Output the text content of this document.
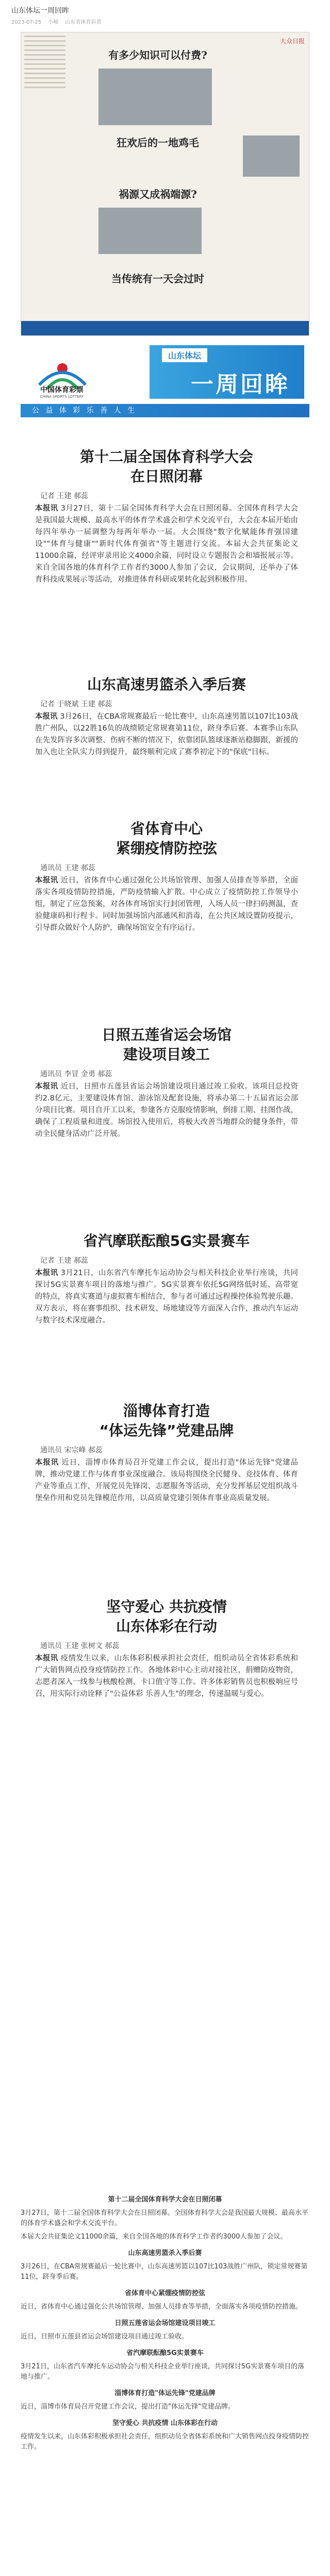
山东体坛一周回眸
2023-07-25 小秘 山东省体育彩票
大众日报
有多少知识可以付费?
狂欢后的一地鸡毛
祸源又成祸端源?
当传统有一天会过时
中国体育彩票
CHINA SPORTS LOTTERY
山东体坛
一周回眸
公 益 体 彩 乐 善 人 生
第十二届全国体育科学大会
在日照闭幕
记者 王建 郝蕊

本报讯 3月27日，第十二届全国体育科学大会在日照闭幕。全国体育科学大会是我国最大规模、最高水平的体育学术盛会和学术交流平台，大会在本届开始由每四年举办一届调整为每两年举办一届。大会围绕"数字化赋能体育强国建设""体育与健康""新时代体育强省"等主题进行交流。本届大会共征集论文11000余篇，经评审录用论文4000余篇，同时设立专题报告会和墙报展示等。来自全国各地的体育科学工作者约3000人参加了会议，会议期间，还举办了体育科技成果展示等活动，对推进体育科研成果转化起到积极作用。

山东高速男篮杀入季后赛
记者 于晓斌 王建 郝蕊

本报讯 3月26日，在CBA常规赛最后一轮比赛中，山东高速男篮以107比103战胜广州队，以22胜16负的战绩锁定常规赛第11位，跻身季后赛。本赛季山东队在先发阵容多次调整、伤病不断的情况下，依靠团队篮球逐渐站稳脚跟，新援的加入也让全队实力得到提升，最终顺利完成了赛季初定下的"保底"目标。

省体育中心
紧绷疫情防控弦
通讯员 王建 郝蕊

本报讯 近日，省体育中心通过强化公共场馆管理、加强人员排查等举措，全面落实各项疫情防控措施，严防疫情输入扩散。中心成立了疫情防控工作领导小组，制定了应急预案，对各体育场馆实行封闭管理，入场人员一律扫码测温，查验健康码和行程卡。同时加强场馆内部通风和消毒，在公共区域设置防疫提示，引导群众做好个人防护，确保场馆安全有序运行。

日照五莲省运会场馆
建设项目竣工
通讯员 李冒 金勇 郝蕊

本报讯 近日，日照市五莲县省运会场馆建设项目通过竣工验收。该项目总投资约2.8亿元，主要建设体育馆、游泳馆及配套设施，将承办第二十五届省运会部分项目比赛。项目自开工以来，参建各方克服疫情影响，倒排工期、挂图作战，确保了工程质量和进度。场馆投入使用后，将极大改善当地群众的健身条件，带动全民健身活动广泛开展。

省汽摩联酝酿5G实景赛车
记者 王建 郝蕊

本报讯 3月21日，山东省汽车摩托车运动协会与相关科技企业举行座谈，共同探讨5G实景赛车项目的落地与推广。5G实景赛车依托5G网络低时延、高带宽的特点，将真实赛道与虚拟赛车相结合，参与者可通过远程操控体验驾驶乐趣。双方表示，将在赛事组织、技术研发、场地建设等方面深入合作，推动汽车运动与数字技术深度融合。

淄博体育打造
“体运先锋”党建品牌
通讯员 宋宗峰 郝蕊

本报讯 近日，淄博市体育局召开党建工作会议，提出打造"体运先锋"党建品牌，推动党建工作与体育事业深度融合。该局将围绕全民健身、竞技体育、体育产业等重点工作，开展党员先锋岗、志愿服务等活动，充分发挥基层党组织战斗堡垒作用和党员先锋模范作用，以高质量党建引领体育事业高质量发展。

坚守爱心 共抗疫情
山东体彩在行动
通讯员 王建 张树文 郝蕊

本报讯 疫情发生以来，山东体彩积极承担社会责任，组织动员全省体彩系统和广大销售网点投身疫情防控工作。各地体彩中心主动对接社区，捐赠防疫物资，志愿者深入一线参与核酸检测、卡口值守等工作。许多体彩销售员也积极响应号召，用实际行动诠释了"公益体彩 乐善人生"的理念，传递温暖与爱心。

第十二届全国体育科学大会在日照闭幕

3月27日，第十二届全国体育科学大会在日照闭幕。全国体育科学大会是我国最大规模、最高水平的体育学术盛会和学术交流平台。

本届大会共征集论文11000余篇，来自全国各地的体育科学工作者约3000人参加了会议。

山东高速男篮杀入季后赛

3月26日，在CBA常规赛最后一轮比赛中，山东高速男篮以107比103战胜广州队，锁定常规赛第11位，跻身季后赛。

省体育中心紧绷疫情防控弦

近日，省体育中心通过强化公共场馆管理、加强人员排查等举措，全面落实各项疫情防控措施。

日照五莲省运会场馆建设项目竣工

近日，日照市五莲县省运会场馆建设项目通过竣工验收。

省汽摩联酝酿5G实景赛车

3月21日，山东省汽车摩托车运动协会与相关科技企业举行座谈，共同探讨5G实景赛车项目的落地与推广。

淄博体育打造"体运先锋"党建品牌

近日，淄博市体育局召开党建工作会议，提出打造"体运先锋"党建品牌。

坚守爱心 共抗疫情 山东体彩在行动

疫情发生以来，山东体彩积极承担社会责任，组织动员全省体彩系统和广大销售网点投身疫情防控工作。
